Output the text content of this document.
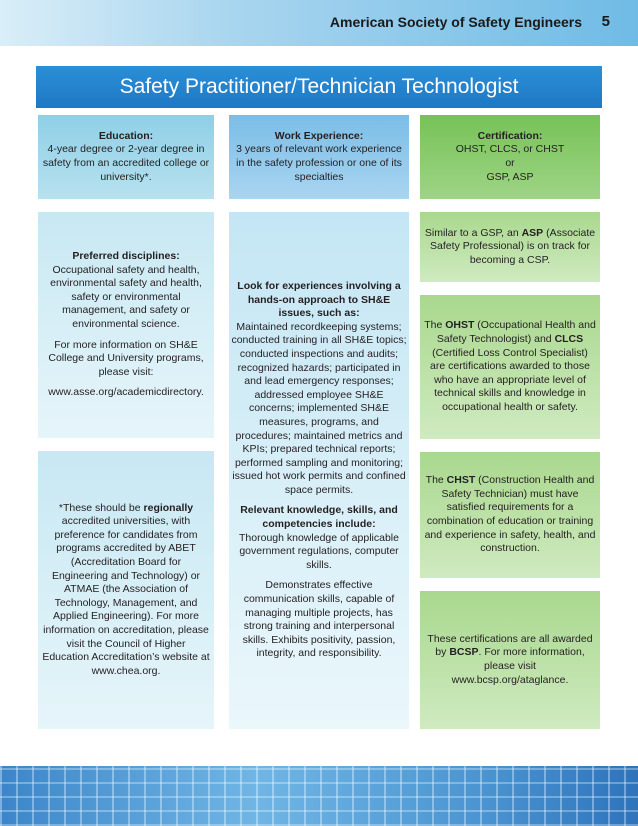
American Society of Safety Engineers 5
Safety Practitioner/Technician Technologist

Education:
4-year degree or 2-year degree in safety from an accredited college or university*.

Preferred disciplines:
Occupational safety and health, environmental safety and health, safety or environmental management, and safety or environmental science.

For more information on SH&E College and University programs, please visit:

www.asse.org/academicdirectory.

*These should be regionally accredited universities, with preference for candidates from programs accredited by ABET (Accreditation Board for Engineering and Technology) or ATMAE (the Association of Technology, Management, and Applied Engineering). For more information on accreditation, please visit the Council of Higher Education Accreditation’s website at
www.chea.org.

Work Experience:
3 years of relevant work experience in the safety profession or one of its specialties

Look for experiences involving a hands-on approach to SH&E issues, such as:
Maintained recordkeeping systems; conducted training in all SH&E topics; conducted inspections and audits; recognized hazards; participated in and lead emergency responses; addressed employee SH&E concerns; implemented SH&E measures, programs, and procedures; maintained metrics and KPIs; prepared technical reports; performed sampling and monitoring; issued hot work permits and confined space permits.

Relevant knowledge, skills, and competencies include:
Thorough knowledge of applicable government regulations, computer skills.

Demonstrates effective communication skills, capable of managing multiple projects, has strong training and interpersonal skills. Exhibits positivity, passion, integrity, and responsibility.

Certification:
OHST, CLCS, or CHST
or
GSP, ASP

Similar to a GSP, an ASP (Associate Safety Professional) is on track for becoming a CSP.

The OHST (Occupational Health and Safety Technologist) and CLCS (Certified Loss Control Specialist) are certifications awarded to those who have an appropriate level of technical skills and knowledge in occupational health or safety.

The CHST (Construction Health and Safety Technician) must have satisfied requirements for a combination of education or training and experience in safety, health, and construction.

These certifications are all awarded by BCSP. For more information, please visit
www.bcsp.org/ataglance.
